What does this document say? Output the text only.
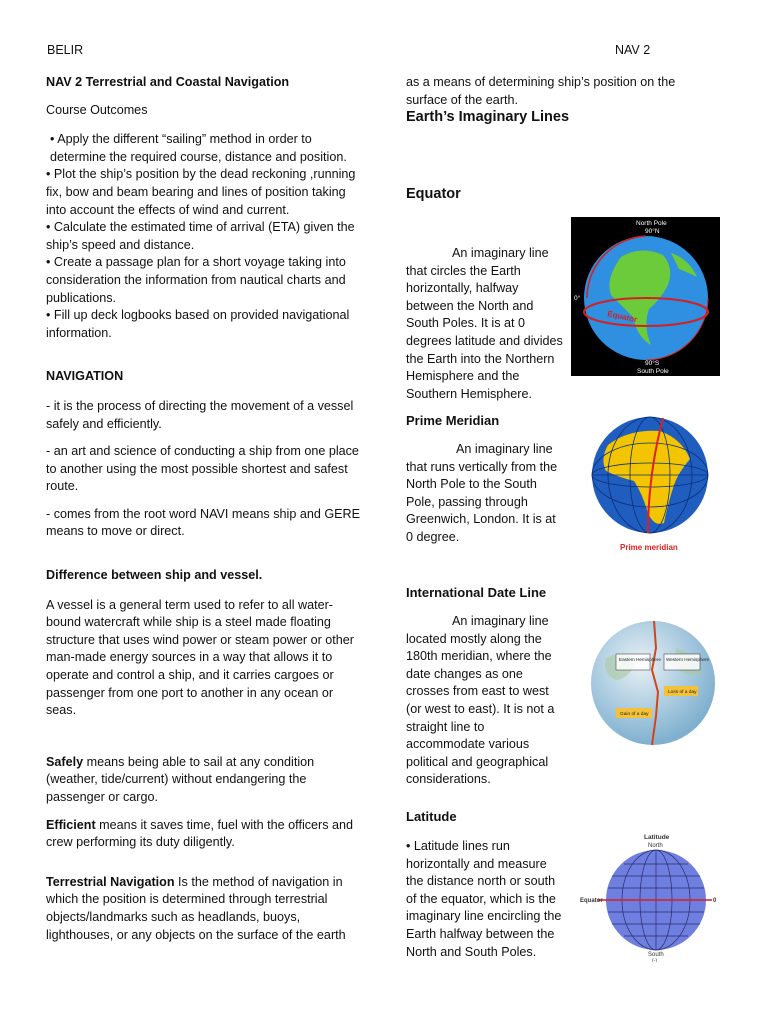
BELIR	NAV 2

NAV 2 Terrestrial and Coastal Navigation

Course Outcomes

• Apply the different “sailing” method in order to determine the required course, distance and position.

• Plot the ship’s position by the dead reckoning ,running fix, bow and beam bearing and lines of position taking into account the effects of wind and current.

• Calculate the estimated time of arrival (ETA) given the ship’s speed and distance.

• Create a passage plan for a short voyage taking into consideration the information from nautical charts and publications.

• Fill up deck logbooks based on provided navigational information.

NAVIGATION

- it is the process of directing the movement of a vessel safely and efficiently.

- an art and science of conducting a ship from one place to another using the most possible shortest and safest route.

- comes from the root word NAVI means ship and GERE means to move or direct.

Difference between ship and vessel.

A vessel is a general term used to refer to all water-bound watercraft while ship is a steel made floating structure that uses wind power or steam power or other man-made energy sources in a way that allows it to operate and control a ship, and it carries cargoes or passenger from one port to another in any ocean or seas.

Safely means being able to sail at any condition (weather, tide/current) without endangering the passenger or cargo.

Efficient means it saves time, fuel with the officers and crew performing its duty diligently.

Terrestrial Navigation Is the method of navigation in which the position is determined through terrestrial objects/landmarks such as headlands, buoys, lighthouses, or any objects on the surface of the earth

as a means of determining ship’s position on the surface of the earth.

Earth’s Imaginary Lines

Equator

An imaginary line that circles the Earth horizontally, halfway between the North and South Poles. It is at 0 degrees latitude and divides the Earth into the Northern Hemisphere and the Southern Hemisphere.

Prime Meridian

An imaginary line that runs vertically from the North Pole to the South Pole, passing through Greenwich, London. It is at 0 degree.

International Date Line

An imaginary line located mostly along the 180th meridian, where the date changes as one crosses from east to west (or west to east). It is not a straight line to accommodate various political and geographical considerations.

Latitude

• Latitude lines run horizontally and measure the distance north or south of the equator, which is the imaginary line encircling the Earth halfway between the North and South Poles.

North Pole
90°N
0°
Equator
90°S
South Pole
Prime meridian
Eastern Hemisphere Western Hemisphere
Loss of a day
Gain of a day
Latitude
North
Equator	0
South
(-)
